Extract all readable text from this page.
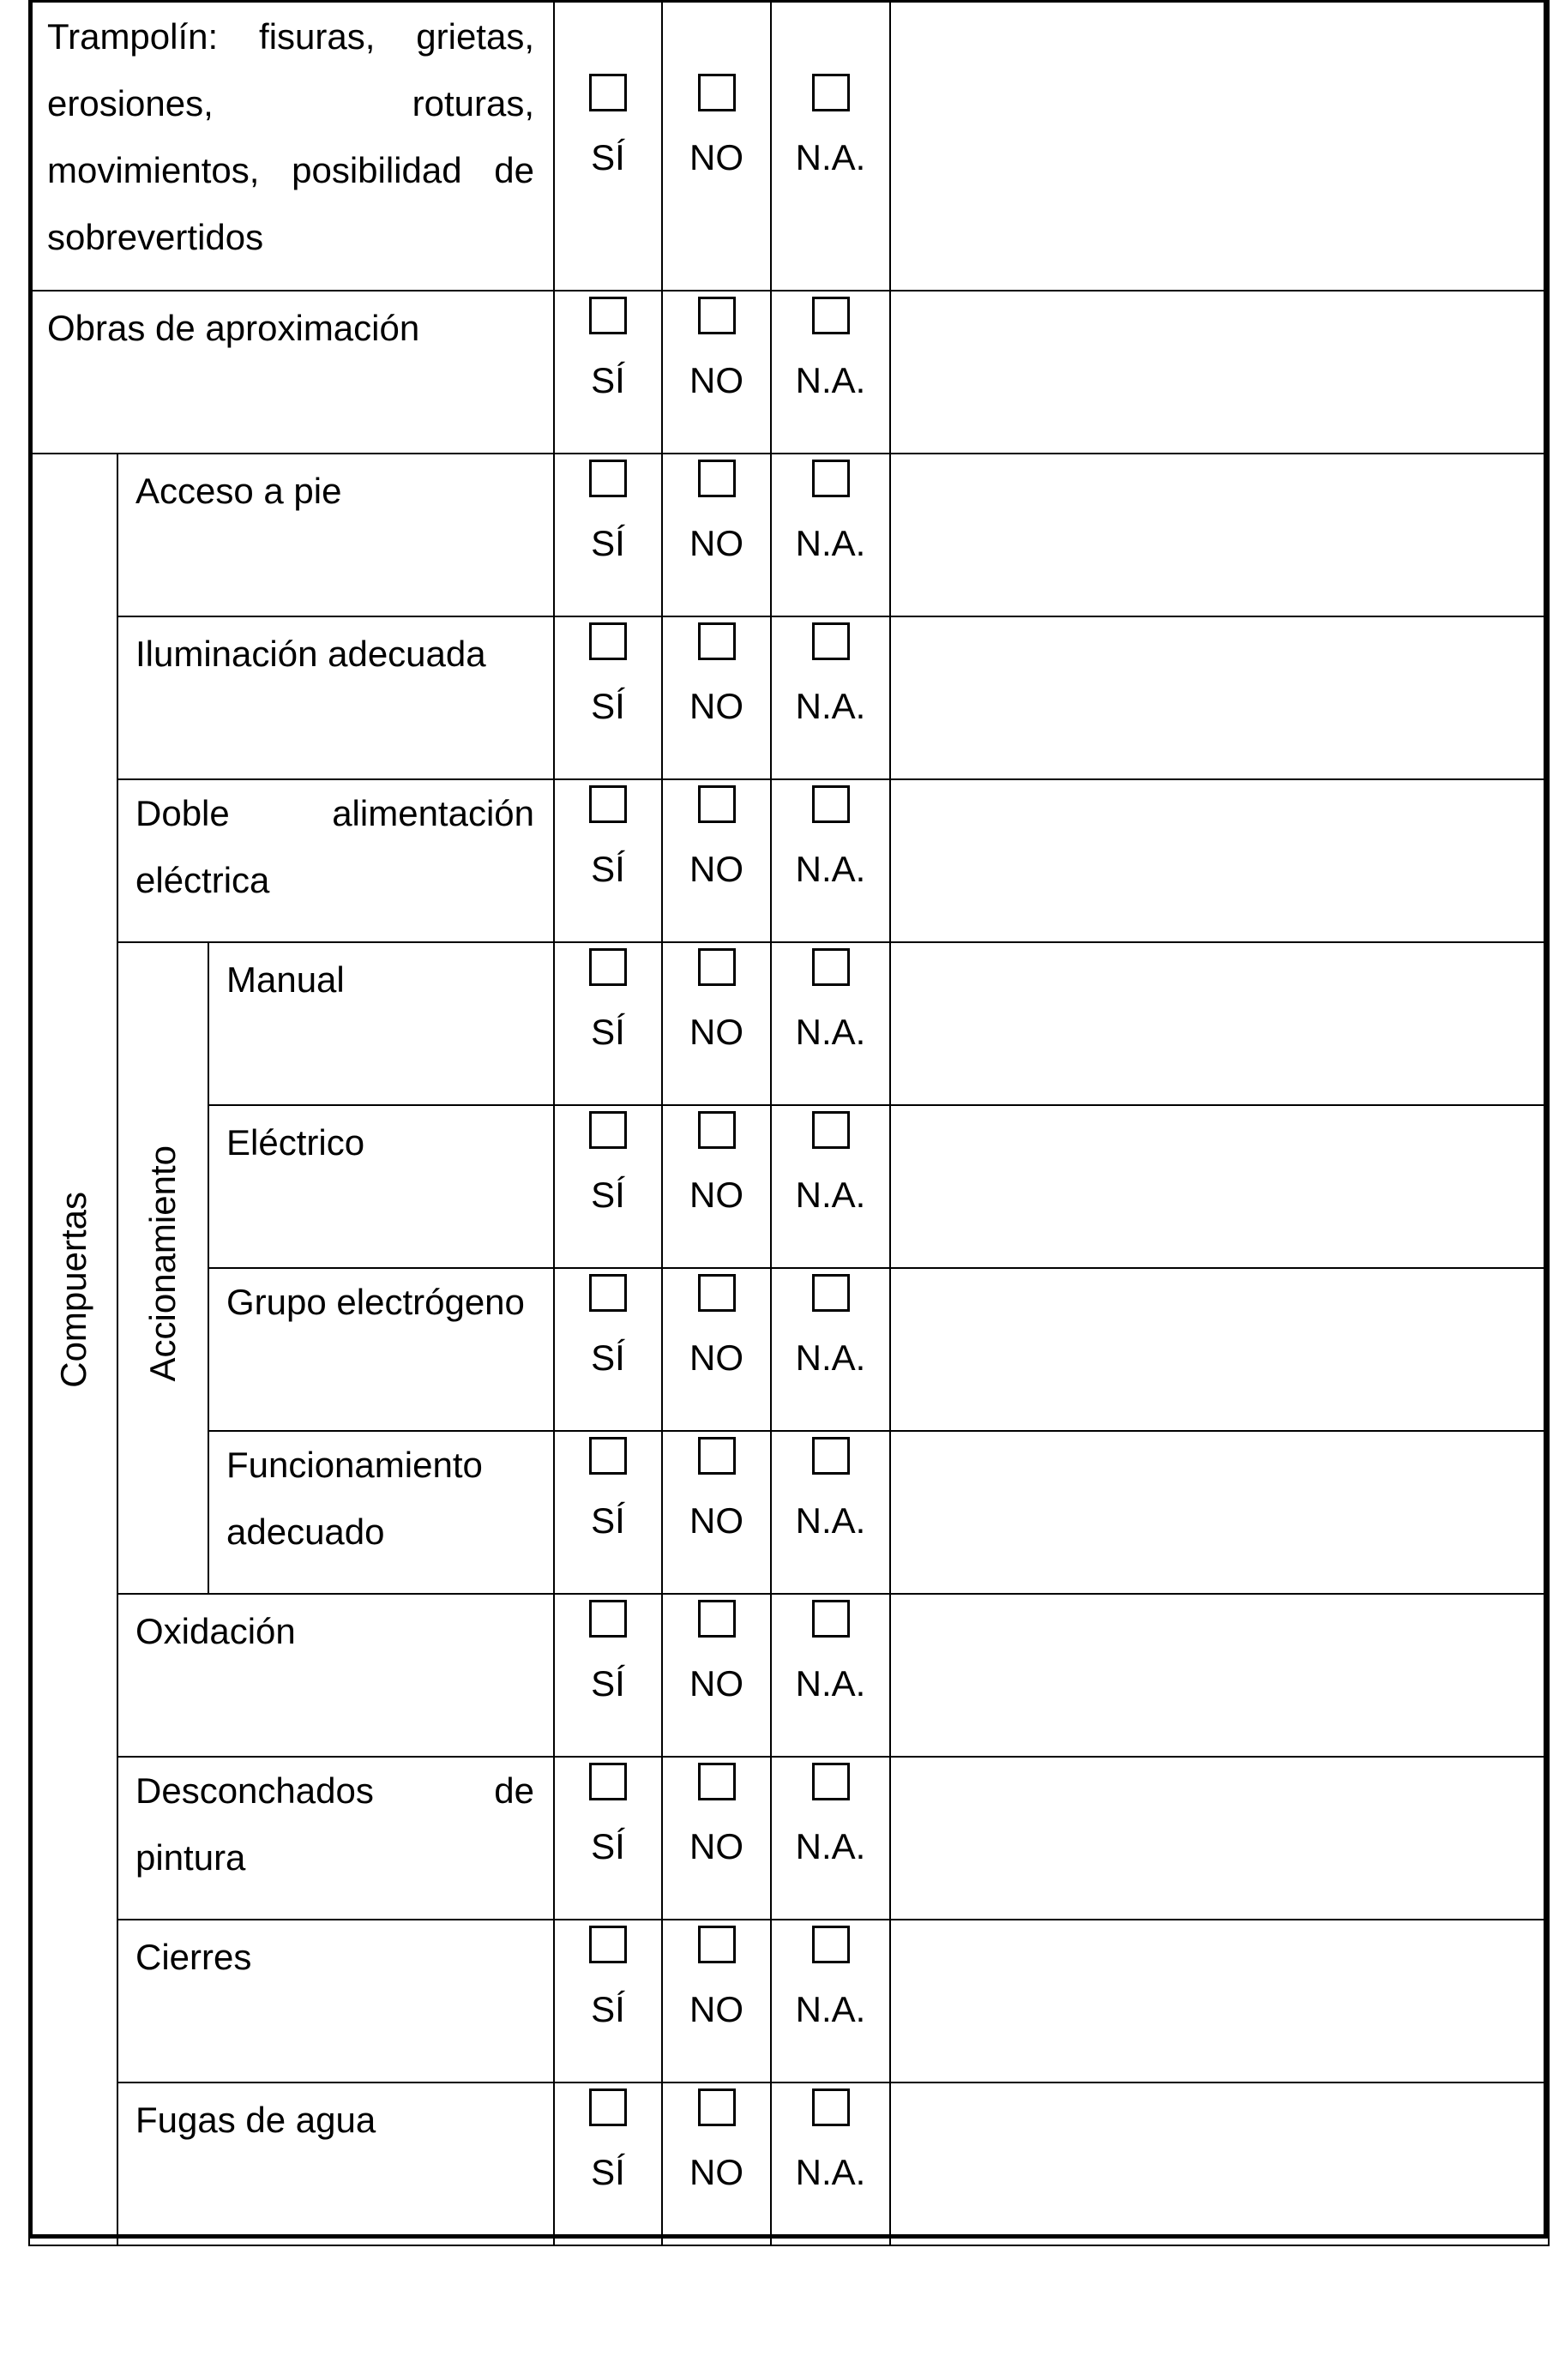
Trampolín: fisuras, grietas, erosiones, roturas, movimientos, posibilidad de sobrevertidos			SÍ	NO	N.A.	

Obras de aproximación			SÍ	NO	N.A.	

Compuertas	Acceso a pie		SÍ	NO	N.A.	

	Iluminación adecuada		SÍ	NO	N.A.	

	Doble alimentación eléctrica		SÍ	NO	N.A.	

	Accionamiento	Manual	SÍ	NO	N.A.	

		Eléctrico	SÍ	NO	N.A.	

		Grupo electrógeno	SÍ	NO	N.A.	

		Funcionamiento adecuado	SÍ	NO	N.A.	

	Oxidación		SÍ	NO	N.A.	

	Desconchados de pintura		SÍ	NO	N.A.	

	Cierres		SÍ	NO	N.A.	

	Fugas de agua		SÍ	NO	N.A.	
